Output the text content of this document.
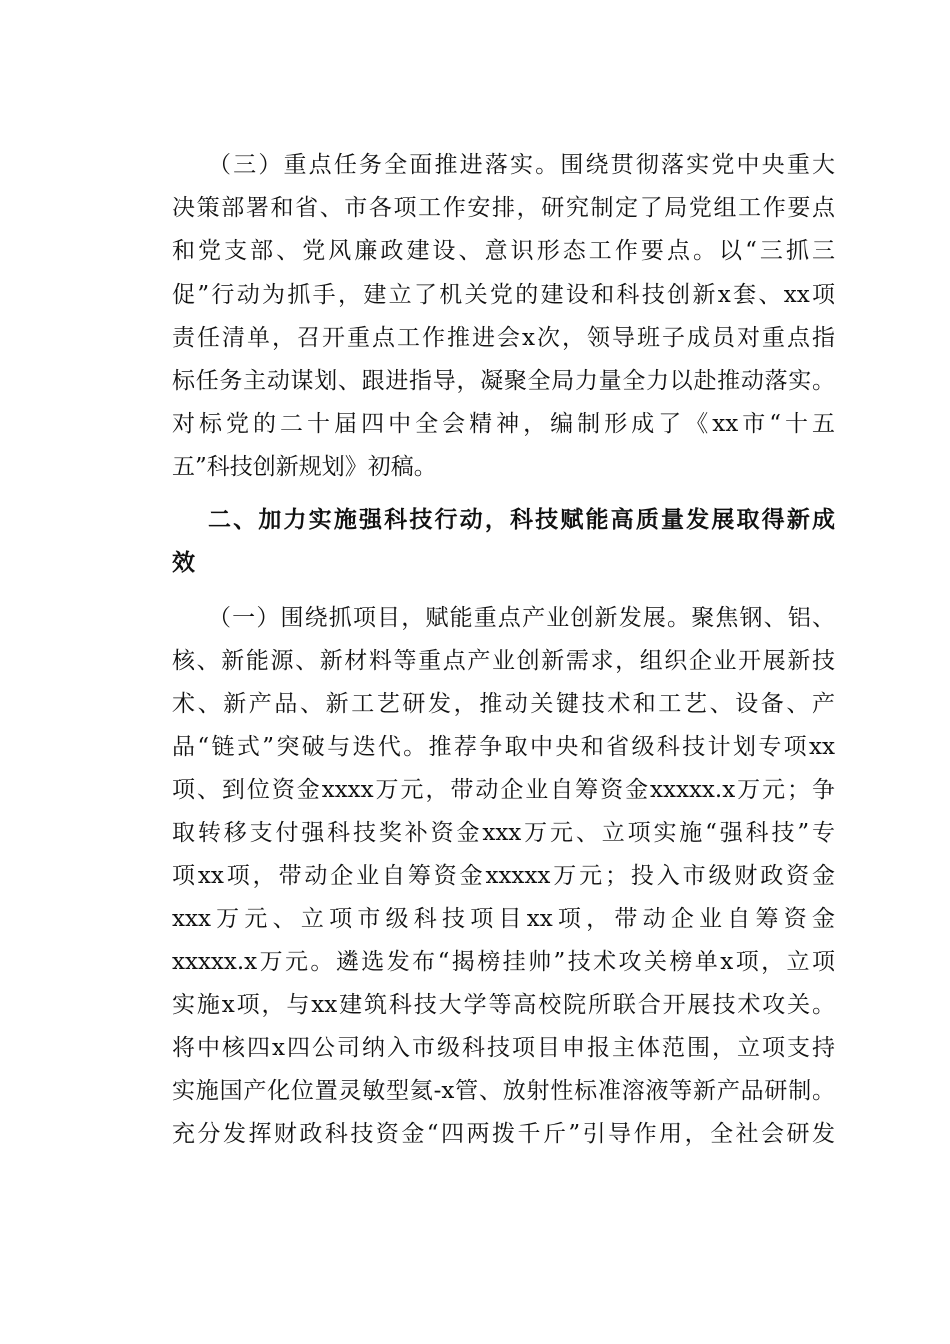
（三）重点任务全面推进落实。围绕贯彻落实党中央重大
决策部署和省、市各项工作安排，研究制定了局党组工作要点
和党支部、党风廉政建设、意识形态工作要点。以“三抓三
促”行动为抓手，建立了机关党的建设和科技创新x套、xx项
责任清单，召开重点工作推进会x次，领导班子成员对重点指
标任务主动谋划、跟进指导，凝聚全局力量全力以赴推动落实。
对标党的二十届四中全会精神，编制形成了《xx市“十五
五”科技创新规划》初稿。
二、加力实施强科技行动，科技赋能高质量发展取得新成
效
（一）围绕抓项目，赋能重点产业创新发展。聚焦钢、铝、
核、新能源、新材料等重点产业创新需求，组织企业开展新技
术、新产品、新工艺研发，推动关键技术和工艺、设备、产
品“链式”突破与迭代。推荐争取中央和省级科技计划专项xx
项、到位资金xxxx万元，带动企业自筹资金xxxxx.x万元；争
取转移支付强科技奖补资金xxx万元、立项实施“强科技”专
项xx项，带动企业自筹资金xxxxx万元；投入市级财政资金
xxx万元、立项市级科技项目xx项，带动企业自筹资金
xxxxx.x万元。遴选发布“揭榜挂帅”技术攻关榜单x项，立项
实施x项，与xx建筑科技大学等高校院所联合开展技术攻关。
将中核四x四公司纳入市级科技项目申报主体范围，立项支持
实施国产化位置灵敏型氦-x管、放射性标准溶液等新产品研制。
充分发挥财政科技资金“四两拨千斤”引导作用，全社会研发
